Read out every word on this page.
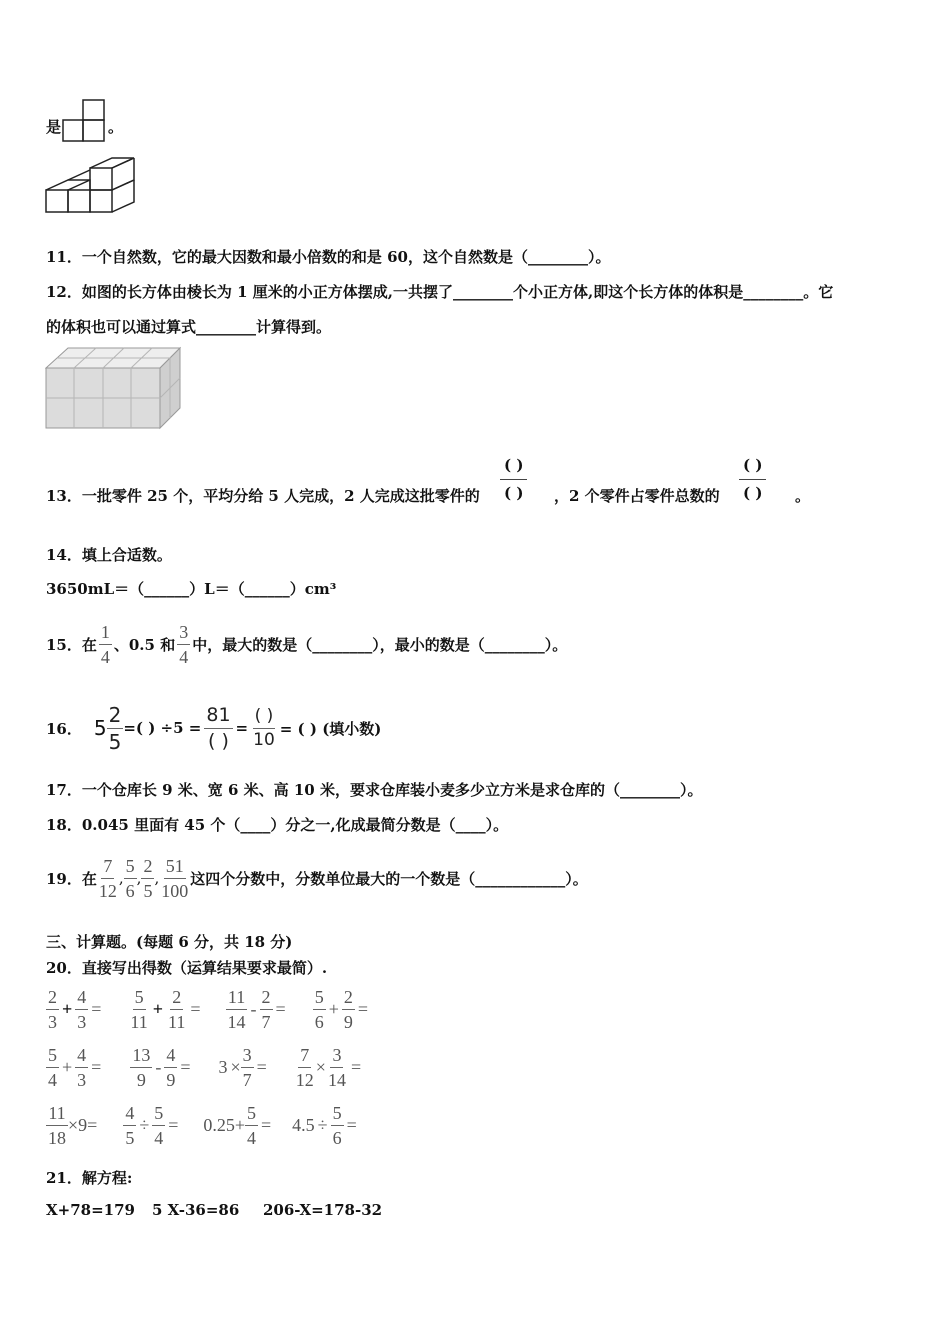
是	。
11．一个自然数，它的最大因数和最小倍数的和是 60，这个自然数是（________）。
12．如图的长方体由棱长为 1 厘米的小正方体摆成,一共摆了________个小正方体,即这个长方体的体积是________。它
的体积也可以通过算式________计算得到。
13．一批零件 25 个，平均分给 5 人完成，2 人完成这批零件的
( )
( ) ，2 个零件占零件总数的
( )
( ) 。
14．填上合适数。
3650mL＝（______）L＝（______）cm³
15．在 $\frac{1}{4}$ 、0.5 和 $\frac{3}{4}$ 中，最大的数是（________），最小的数是（________）。
16． $5 \frac{2}{5}$ =( ) $\div 5 = \frac{81}{( )} = \frac{( )}{10}$ = ( ) (填小数)
17．一个仓库长 9 米、宽 6 米、高 10 米，要求仓库装小麦多少立方米是求仓库的（________）。
18．0.045 里面有 45 个（____）分之一,化成最简分数是（____）。
19．在 $\frac{7}{12}$ , $\frac{5}{6}$ , $\frac{2}{5}$ , $\frac{51}{100}$ 这四个分数中，分数单位最大的一个数是（____________）。
三、计算题。(每题 6 分，共 18 分)
20．直接写出得数（运算结果要求最简）.
$\frac{2}{3} + \frac{4}{3} = \frac{5}{11} + \frac{2}{11} = \frac{11}{14} - \frac{2}{7} = \frac{5}{6} + \frac{2}{9}$ =
$\frac{5}{4} + \frac{4}{3} = \frac{13}{9} - \frac{4}{9} = 3 \times \frac{3}{7} = \frac{7}{12} \times \frac{3}{14}$ =
$\frac{11}{18} \times 9= \frac{4}{5} \div \frac{5}{4} = 0.25+ \frac{5}{4} = 4.5 \div \frac{5}{6}$ =
21．解方程:
X+78=179 5 X-36=86 206-X=178-32
